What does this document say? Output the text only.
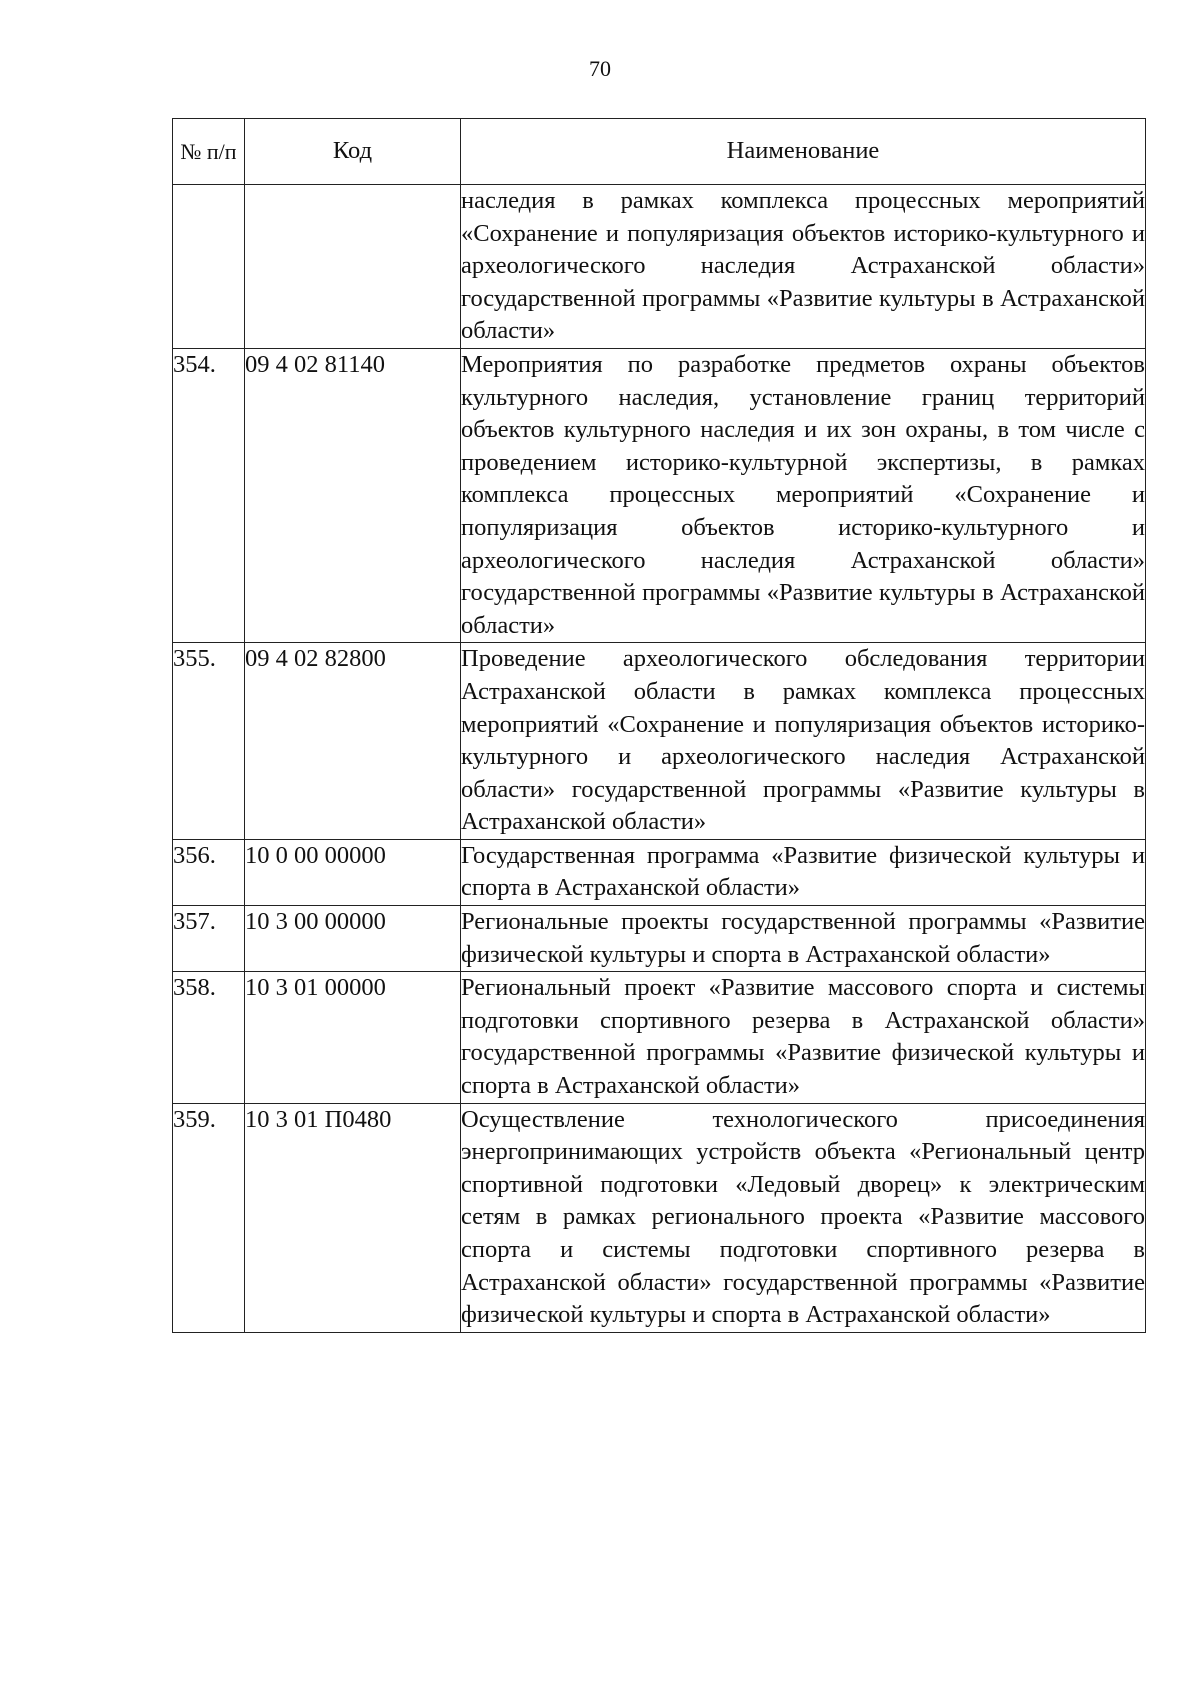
70
№ п/п	Код	Наименование
		наследия в рамках комплекса процессных мероприятий «Сохранение и популяризация объектов историко-культурного и археологического наследия Астраханской области» государственной программы «Развитие культуры в Астраханской области»
354.	09 4 02 81140	Мероприятия по разработке предметов охраны объектов культурного наследия, установление границ территорий объектов культурного наследия и их зон охраны, в том числе с проведением историко-культурной экспертизы, в рамках комплекса процессных мероприятий «Сохранение и популяризация объектов историко-культурного и археологического наследия Астраханской области» государственной программы «Развитие культуры в Астраханской области»
355.	09 4 02 82800	Проведение археологического обследования территории Астраханской области в рамках комплекса процессных мероприятий «Сохранение и популяризация объектов историко-культурного и археологического наследия Астраханской области» государственной программы «Развитие культуры в Астраханской области»
356.	10 0 00 00000	Государственная программа «Развитие физической культуры и спорта в Астраханской области»
357.	10 3 00 00000	Региональные проекты государственной программы «Развитие физической культуры и спорта в Астраханской области»
358.	10 3 01 00000	Региональный проект «Развитие массового спорта и системы подготовки спортивного резерва в Астраханской области» государственной программы «Развитие физической культуры и спорта в Астраханской области»
359.	10 3 01 П0480	Осуществление технологического присоединения энергопринимающих устройств объекта «Региональный центр спортивной подготовки «Ледовый дворец» к электрическим сетям в рамках регионального проекта «Развитие массового спорта и системы подготовки спортивного резерва в Астраханской области» государственной программы «Развитие физической культуры и спорта в Астраханской области»
